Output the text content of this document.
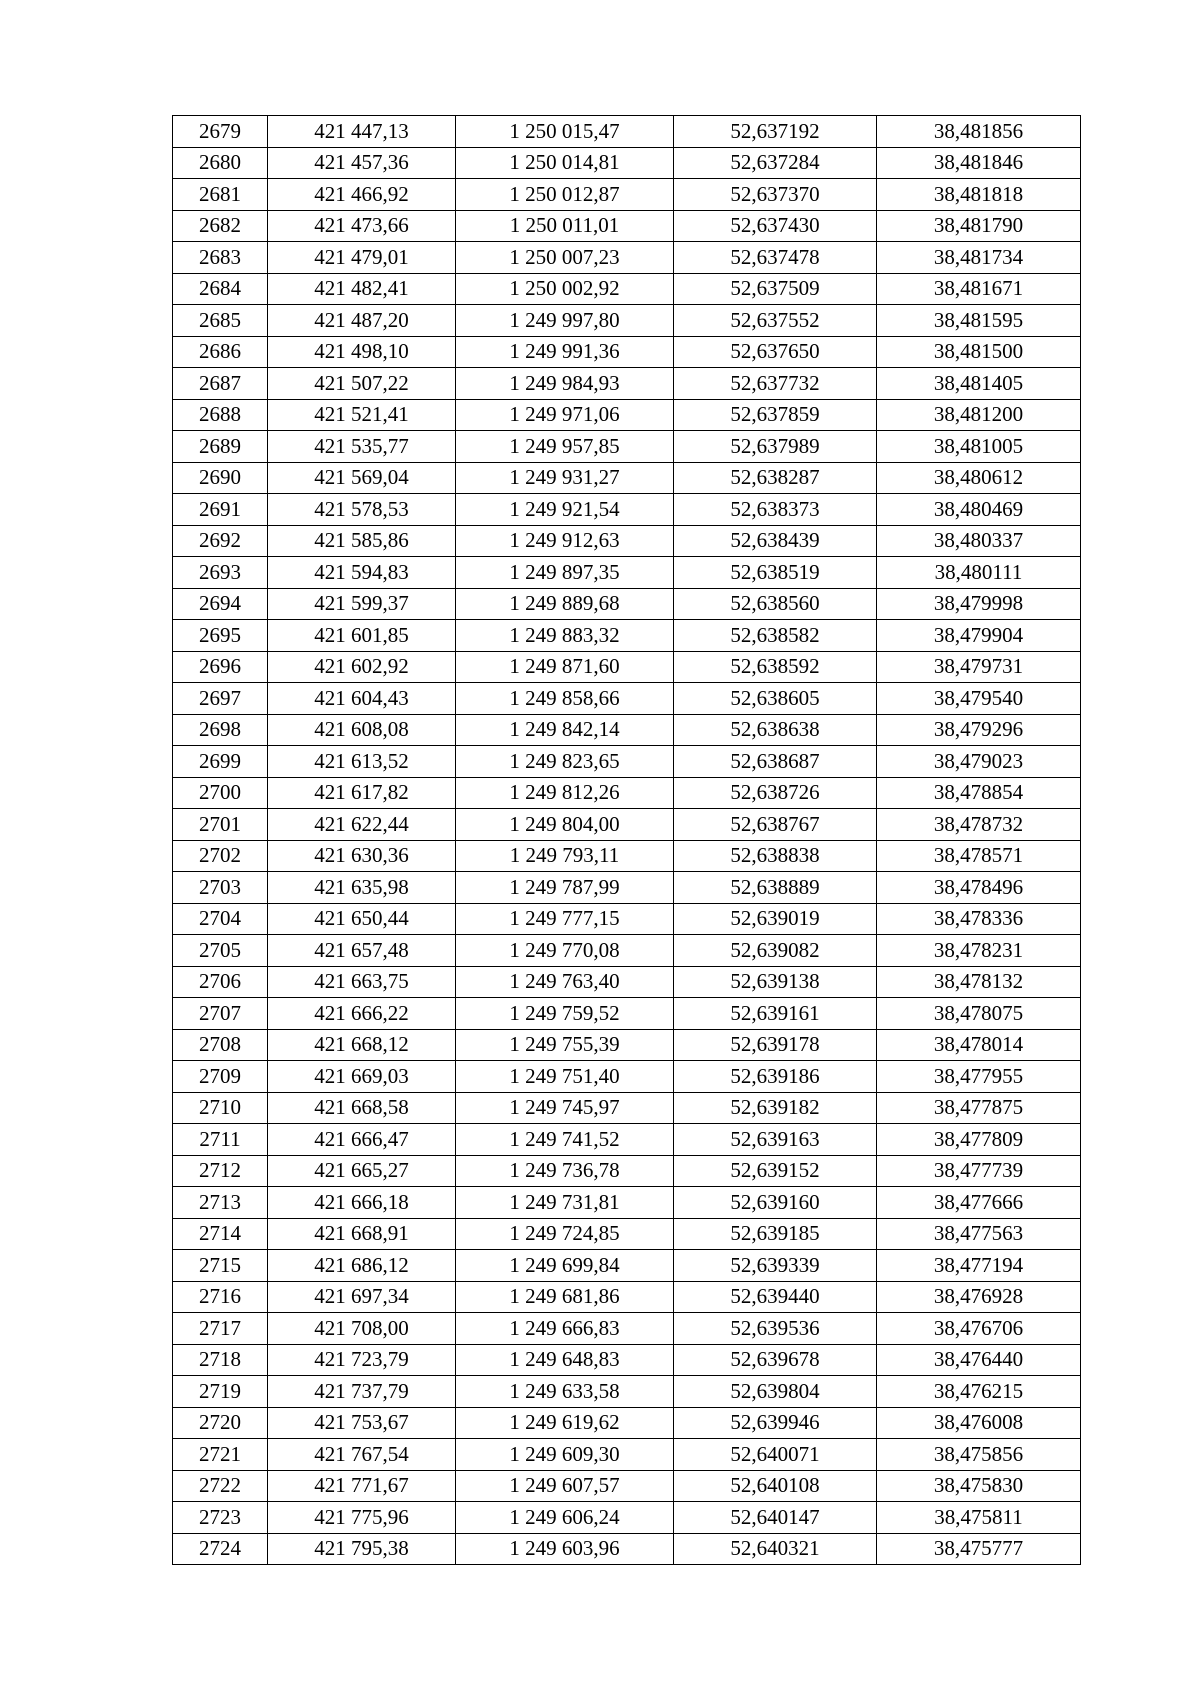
2679	421 447,13	1 250 015,47	52,637192	38,481856
2680	421 457,36	1 250 014,81	52,637284	38,481846
2681	421 466,92	1 250 012,87	52,637370	38,481818
2682	421 473,66	1 250 011,01	52,637430	38,481790
2683	421 479,01	1 250 007,23	52,637478	38,481734
2684	421 482,41	1 250 002,92	52,637509	38,481671
2685	421 487,20	1 249 997,80	52,637552	38,481595
2686	421 498,10	1 249 991,36	52,637650	38,481500
2687	421 507,22	1 249 984,93	52,637732	38,481405
2688	421 521,41	1 249 971,06	52,637859	38,481200
2689	421 535,77	1 249 957,85	52,637989	38,481005
2690	421 569,04	1 249 931,27	52,638287	38,480612
2691	421 578,53	1 249 921,54	52,638373	38,480469
2692	421 585,86	1 249 912,63	52,638439	38,480337
2693	421 594,83	1 249 897,35	52,638519	38,480111
2694	421 599,37	1 249 889,68	52,638560	38,479998
2695	421 601,85	1 249 883,32	52,638582	38,479904
2696	421 602,92	1 249 871,60	52,638592	38,479731
2697	421 604,43	1 249 858,66	52,638605	38,479540
2698	421 608,08	1 249 842,14	52,638638	38,479296
2699	421 613,52	1 249 823,65	52,638687	38,479023
2700	421 617,82	1 249 812,26	52,638726	38,478854
2701	421 622,44	1 249 804,00	52,638767	38,478732
2702	421 630,36	1 249 793,11	52,638838	38,478571
2703	421 635,98	1 249 787,99	52,638889	38,478496
2704	421 650,44	1 249 777,15	52,639019	38,478336
2705	421 657,48	1 249 770,08	52,639082	38,478231
2706	421 663,75	1 249 763,40	52,639138	38,478132
2707	421 666,22	1 249 759,52	52,639161	38,478075
2708	421 668,12	1 249 755,39	52,639178	38,478014
2709	421 669,03	1 249 751,40	52,639186	38,477955
2710	421 668,58	1 249 745,97	52,639182	38,477875
2711	421 666,47	1 249 741,52	52,639163	38,477809
2712	421 665,27	1 249 736,78	52,639152	38,477739
2713	421 666,18	1 249 731,81	52,639160	38,477666
2714	421 668,91	1 249 724,85	52,639185	38,477563
2715	421 686,12	1 249 699,84	52,639339	38,477194
2716	421 697,34	1 249 681,86	52,639440	38,476928
2717	421 708,00	1 249 666,83	52,639536	38,476706
2718	421 723,79	1 249 648,83	52,639678	38,476440
2719	421 737,79	1 249 633,58	52,639804	38,476215
2720	421 753,67	1 249 619,62	52,639946	38,476008
2721	421 767,54	1 249 609,30	52,640071	38,475856
2722	421 771,67	1 249 607,57	52,640108	38,475830
2723	421 775,96	1 249 606,24	52,640147	38,475811
2724	421 795,38	1 249 603,96	52,640321	38,475777
